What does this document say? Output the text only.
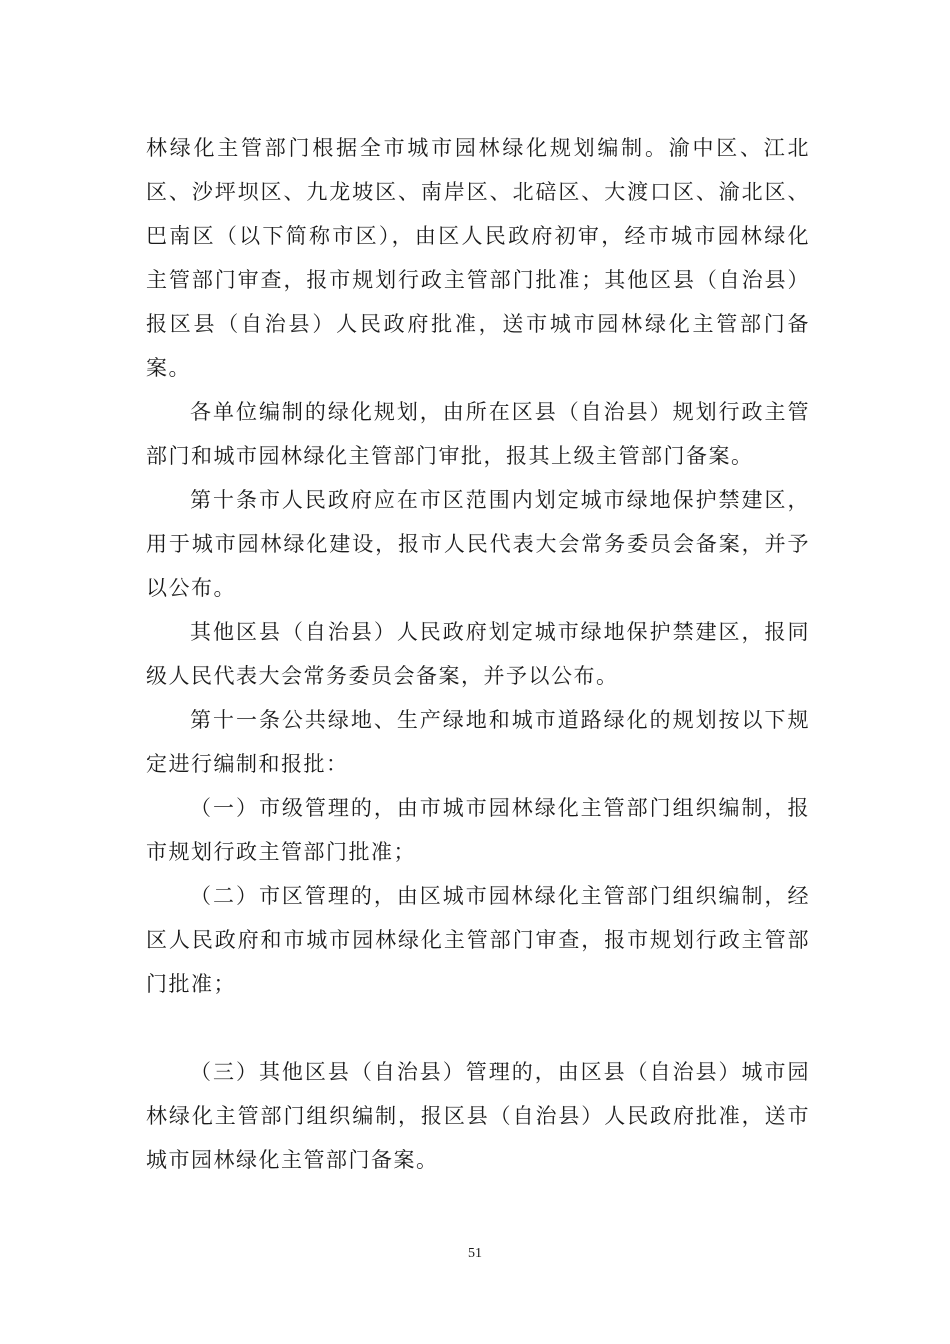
林绿化主管部门根据全市城市园林绿化规划编制。渝中区、江北区、沙坪坝区、九龙坡区、南岸区、北碚区、大渡口区、渝北区、巴南区（以下简称市区），由区人民政府初审，经市城市园林绿化主管部门审查，报市规划行政主管部门批准；其他区县（自治县）报区县（自治县）人民政府批准，送市城市园林绿化主管部门备案。

各单位编制的绿化规划，由所在区县（自治县）规划行政主管部门和城市园林绿化主管部门审批，报其上级主管部门备案。

第十条市人民政府应在市区范围内划定城市绿地保护禁建区，用于城市园林绿化建设，报市人民代表大会常务委员会备案，并予以公布。

其他区县（自治县）人民政府划定城市绿地保护禁建区，报同级人民代表大会常务委员会备案，并予以公布。

第十一条公共绿地、生产绿地和城市道路绿化的规划按以下规定进行编制和报批：

（一）市级管理的，由市城市园林绿化主管部门组织编制，报市规划行政主管部门批准；

（二）市区管理的，由区城市园林绿化主管部门组织编制，经区人民政府和市城市园林绿化主管部门审查，报市规划行政主管部门批准；

（三）其他区县（自治县）管理的，由区县（自治县）城市园林绿化主管部门组织编制，报区县（自治县）人民政府批准，送市城市园林绿化主管部门备案。

51
